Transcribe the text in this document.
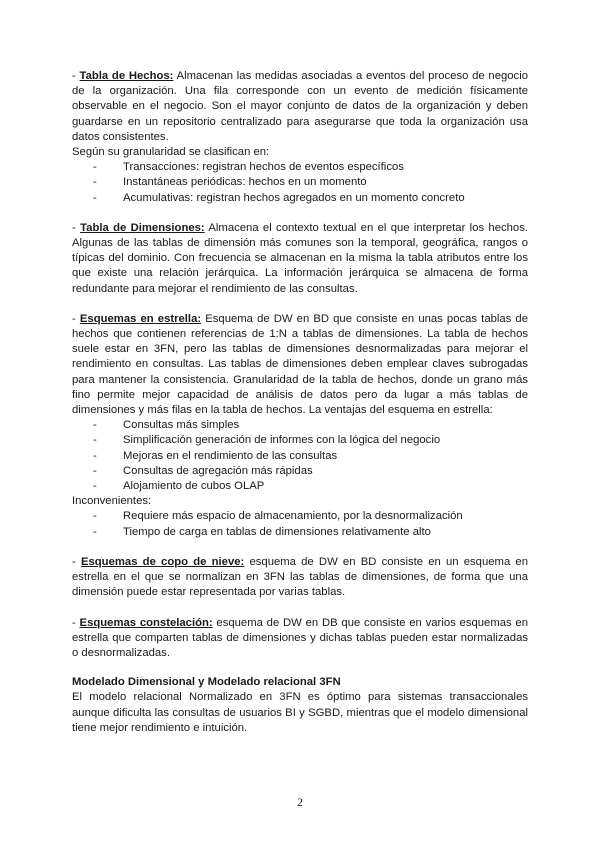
- Tabla de Hechos: Almacenan las medidas asociadas a eventos del proceso de negocio de la organización. Una fila corresponde con un evento de medición físicamente observable en el negocio. Son el mayor conjunto de datos de la organización y deben guardarse en un repositorio centralizado para asegurarse que toda la organización usa datos consistentes.

Según su granularidad se clasifican en:

- Transacciones: registran hechos de eventos específicos
- Instantáneas periódicas: hechos en un momento
- Acumulativas: registran hechos agregados en un momento concreto

- Tabla de Dimensiones: Almacena el contexto textual en el que interpretar los hechos. Algunas de las tablas de dimensión más comunes son la temporal, geográfica, rangos o típicas del dominio. Con frecuencia se almacenan en la misma la tabla atributos entre los que existe una relación jerárquica. La información jerárquica se almacena de forma redundante para mejorar el rendimiento de las consultas.

- Esquemas en estrella: Esquema de DW en BD que consiste en unas pocas tablas de hechos que contienen referencias de 1:N a tablas de dimensiones. La tabla de hechos suele estar en 3FN, pero las tablas de dimensiones desnormalizadas para mejorar el rendimiento en consultas. Las tablas de dimensiones deben emplear claves subrogadas para mantener la consistencia. Granularidad de la tabla de hechos, donde un grano más fino permite mejor capacidad de análisis de datos pero da lugar a más tablas de dimensiones y más filas en la tabla de hechos. La ventajas del esquema en estrella:

- Consultas más simples
- Simplificación generación de informes con la lógica del negocio
- Mejoras en el rendimiento de las consultas
- Consultas de agregación más rápidas
- Alojamiento de cubos OLAP

Inconvenientes:

- Requiere más espacio de almacenamiento, por la desnormalización
- Tiempo de carga en tablas de dimensiones relativamente alto

- Esquemas de copo de nieve: esquema de DW en BD consiste en un esquema en estrella en el que se normalizan en 3FN las tablas de dimensiones, de forma que una dimensión puede estar representada por varias tablas.

- Esquemas constelación: esquema de DW en DB que consiste en varios esquemas en estrella que comparten tablas de dimensiones y dichas tablas pueden estar normalizadas o desnormalizadas.

Modelado Dimensional y Modelado relacional 3FN

El modelo relacional Normalizado en 3FN es óptimo para sistemas transaccionales aunque dificulta las consultas de usuarios BI y SGBD, mientras que el modelo dimensional tiene mejor rendimiento e intuición.

2
